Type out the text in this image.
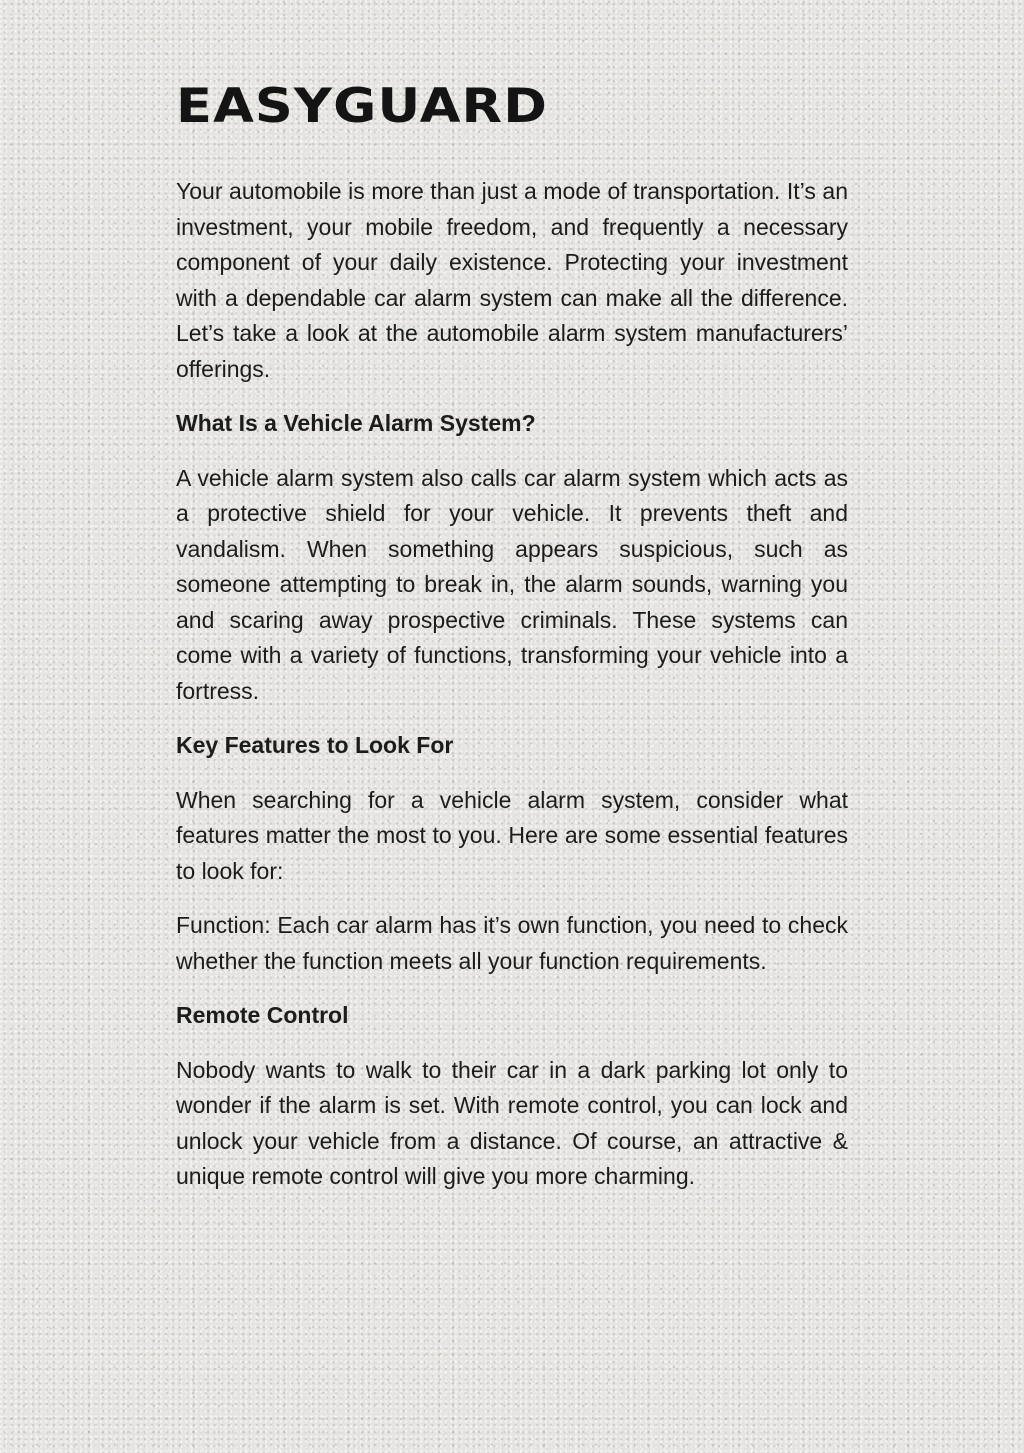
EASYGUARD

Your automobile is more than just a mode of transportation. It’s an investment, your mobile freedom, and frequently a necessary component of your daily existence. Protecting your investment with a dependable car alarm system can make all the difference. Let’s take a look at the automobile alarm system manufacturers’ offerings.

What Is a Vehicle Alarm System?

A vehicle alarm system also calls car alarm system which acts as a protective shield for your vehicle. It prevents theft and vandalism. When something appears suspicious, such as someone attempting to break in, the alarm sounds, warning you and scaring away prospective criminals. These systems can come with a variety of functions, transforming your vehicle into a fortress.

Key Features to Look For

When searching for a vehicle alarm system, consider what features matter the most to you. Here are some essential features to look for:

Function: Each car alarm has it’s own function, you need to check whether the function meets all your function requirements.

Remote Control

Nobody wants to walk to their car in a dark parking lot only to wonder if the alarm is set. With remote control, you can lock and unlock your vehicle from a distance. Of course, an attractive & unique remote control will give you more charming.
